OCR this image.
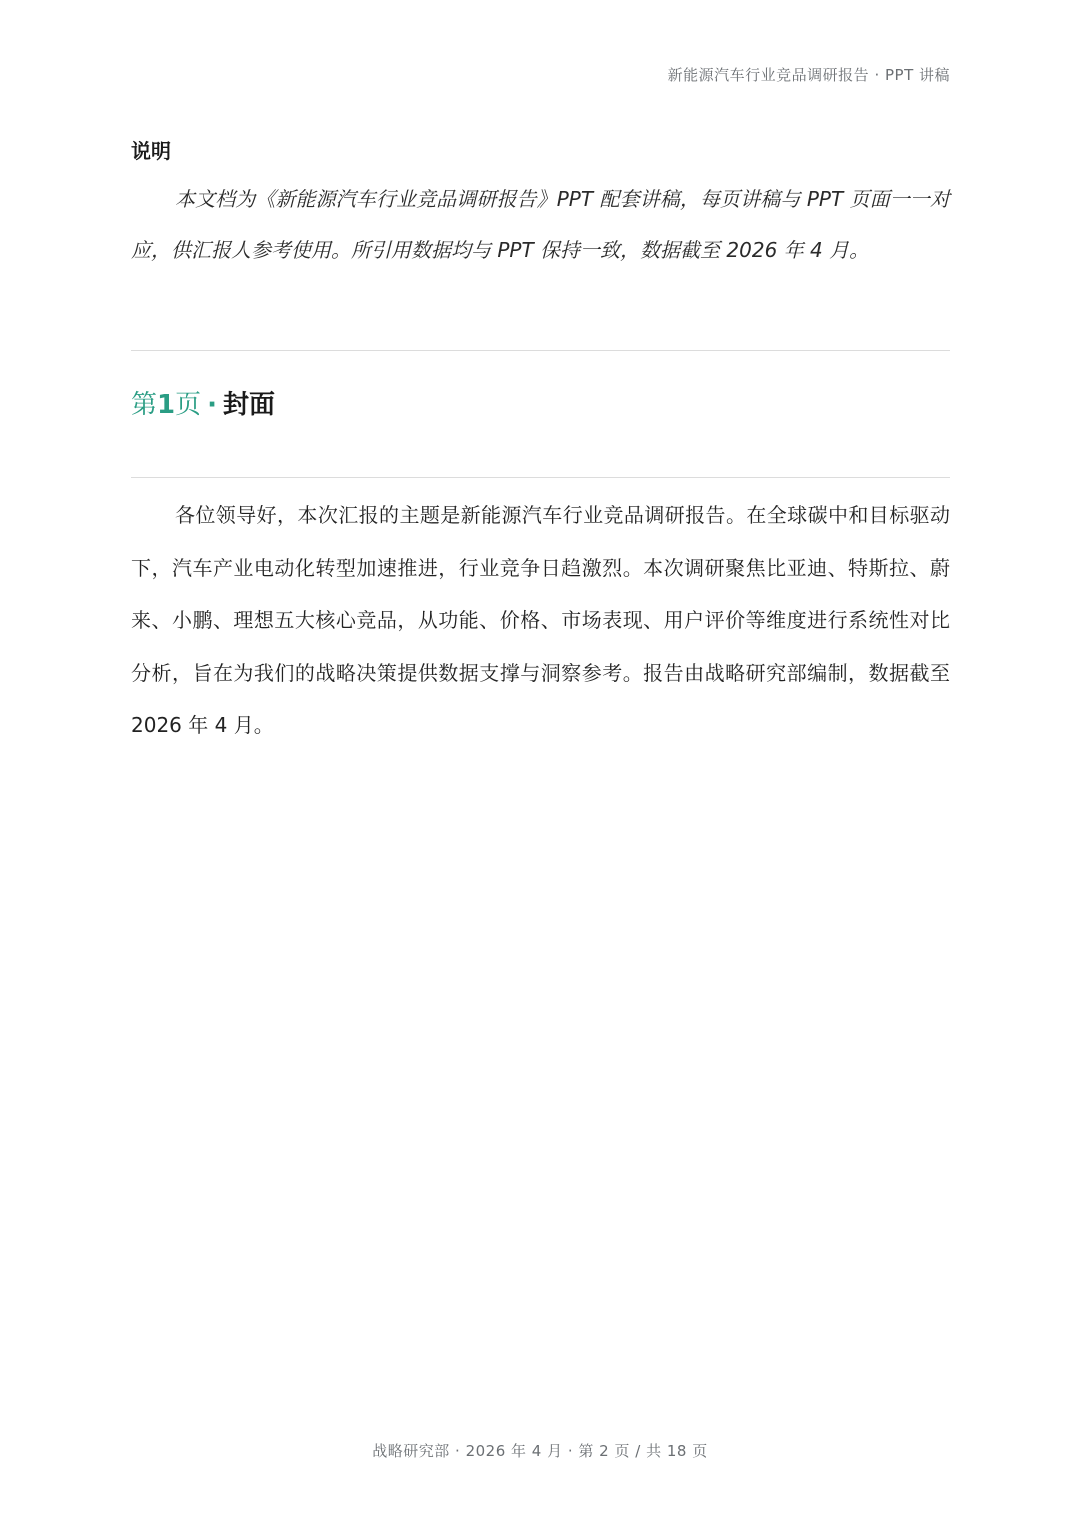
新能源汽车行业竞品调研报告 · PPT 讲稿
说明

本文档为《新能源汽车行业竞品调研报告》PPT 配套讲稿，每页讲稿与 PPT 页面一一对应，供汇报人参考使用。所引用数据均与 PPT 保持一致，数据截至 2026 年 4 月。

第1页 · 封面

各位领导好，本次汇报的主题是新能源汽车行业竞品调研报告。在全球碳中和目标驱动下，汽车产业电动化转型加速推进，行业竞争日趋激烈。本次调研聚焦比亚迪、特斯拉、蔚来、小鹏、理想五大核心竞品，从功能、价格、市场表现、用户评价等维度进行系统性对比分析，旨在为我们的战略决策提供数据支撑与洞察参考。报告由战略研究部编制，数据截至 2026 年 4 月。

战略研究部 · 2026 年 4 月 · 第 2 页 / 共 18 页
